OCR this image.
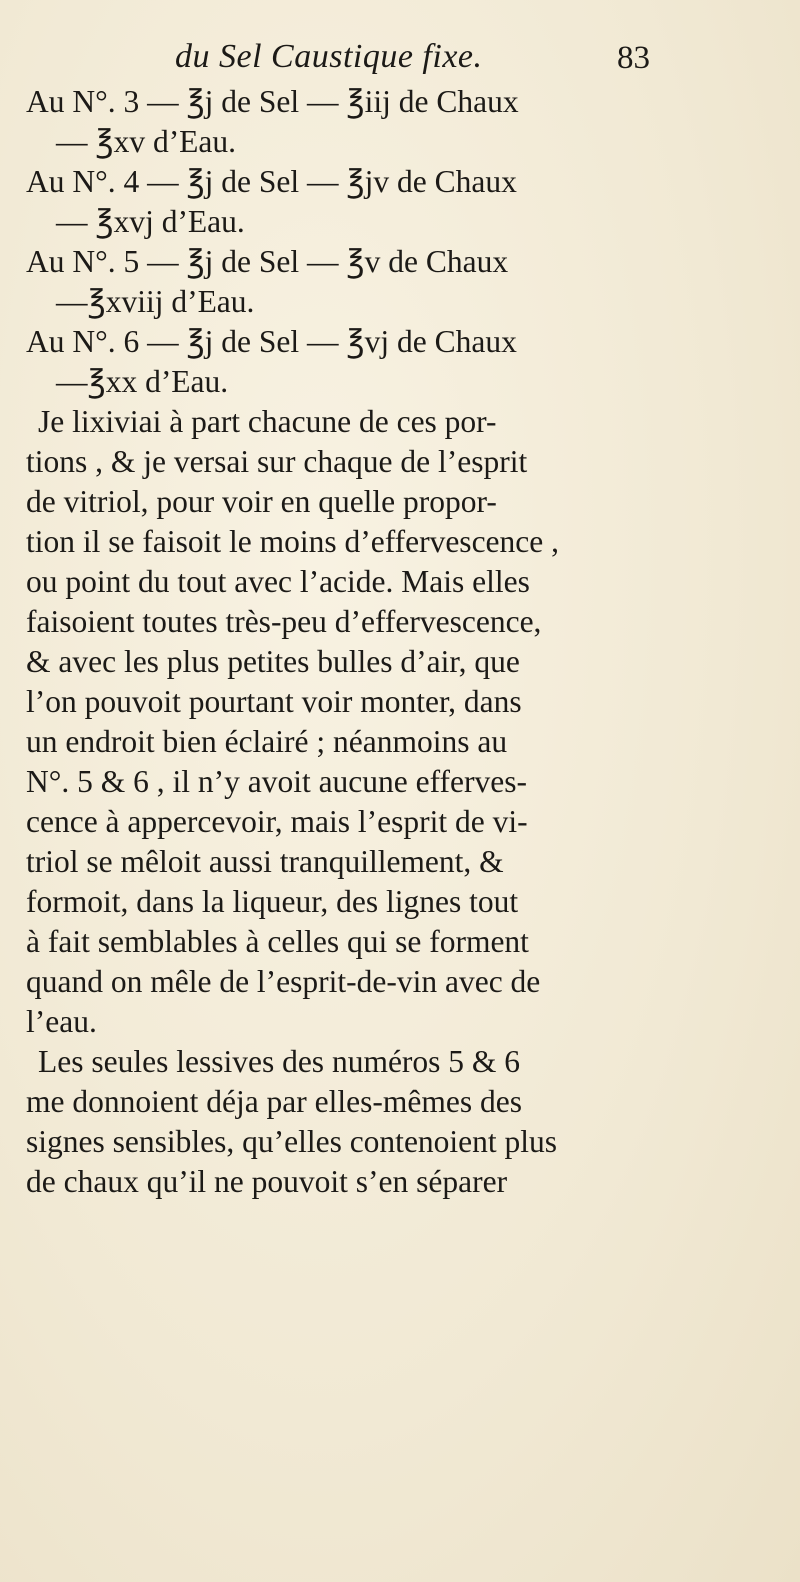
du Sel Caustique fixe.	83
Au N°. 3 — ℥j de Sel — ℥iij de Chaux
— ℥xv d’Eau.
Au N°. 4 — ℥j de Sel — ℥jv de Chaux
— ℥xvj d’Eau.
Au N°. 5 — ℥j de Sel — ℥v de Chaux
—℥xviij d’Eau.
Au N°. 6 — ℥j de Sel — ℥vj de Chaux
—℥xx d’Eau.
Je lixiviai à part chacune de ces por-
tions , & je versai sur chaque de l’esprit
de vitriol, pour voir en quelle propor-
tion il se faisoit le moins d’effervescence ,
ou point du tout avec l’acide. Mais elles
faisoient toutes très-peu d’effervescence,
& avec les plus petites bulles d’air, que
l’on pouvoit pourtant voir monter, dans
un endroit bien éclairé ; néanmoins au
N°. 5 & 6 , il n’y avoit aucune efferves-
cence à appercevoir, mais l’esprit de vi-
triol se mêloit aussi tranquillement, &
formoit, dans la liqueur, des lignes tout
à fait semblables à celles qui se forment
quand on mêle de l’esprit-de-vin avec de
l’eau.
Les seules lessives des numéros 5 & 6
me donnoient déja par elles-mêmes des
signes sensibles, qu’elles contenoient plus
de chaux qu’il ne pouvoit s’en séparer
